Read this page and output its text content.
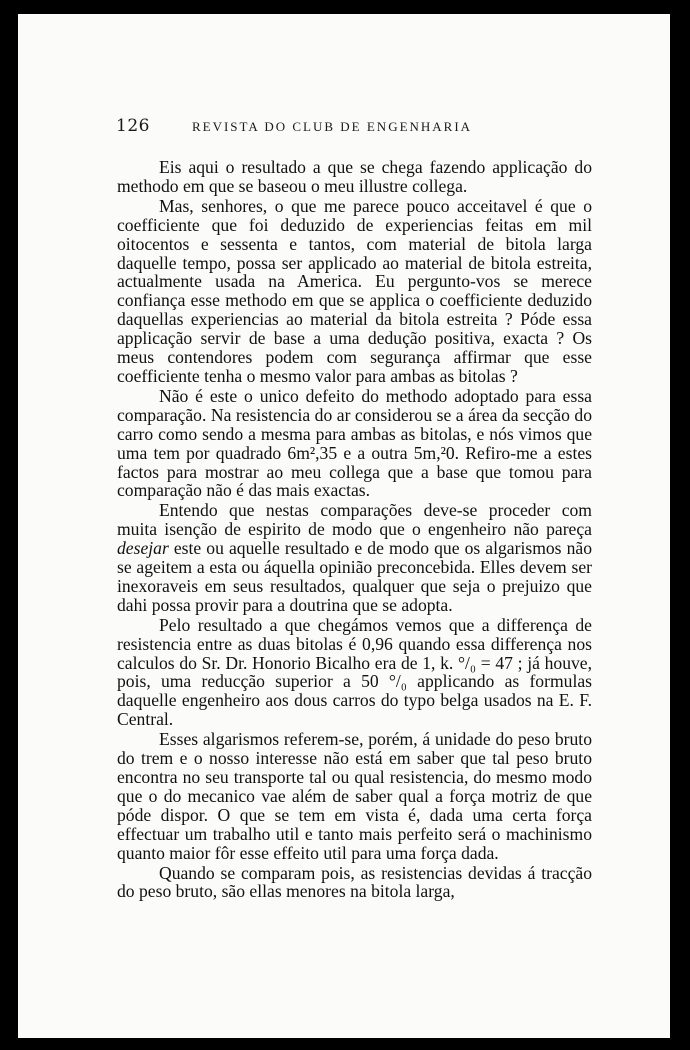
126	REVISTA DO CLUB DE ENGENHARIA

Eis aqui o resultado a que se chega fazendo applicação do methodo em que se baseou o meu illustre collega.

Mas, senhores, o que me parece pouco acceitavel é que o coefficiente que foi deduzido de experiencias feitas em mil oitocentos e sessenta e tantos, com material de bitola larga daquelle tempo, possa ser applicado ao material de bitola estreita, actualmente usada na America. Eu pergunto-vos se merece confiança esse methodo em que se applica o coefficiente deduzido daquellas experiencias ao material da bitola estreita ? Póde essa applicação servir de base a uma dedução positiva, exacta ? Os meus contendores podem com segurança affirmar que esse coefficiente tenha o mesmo valor para ambas as bitolas ?

Não é este o unico defeito do methodo adoptado para essa comparação. Na resistencia do ar considerou se a área da secção do carro como sendo a mesma para ambas as bitolas, e nós vimos que uma tem por quadrado 6m²,35 e a outra 5m,²0. Refiro-me a estes factos para mostrar ao meu collega que a base que tomou para comparação não é das mais exactas.

Entendo que nestas comparações deve-se proceder com muita isenção de espirito de modo que o engenheiro não pareça desejar este ou aquelle resultado e de modo que os algarismos não se ageitem a esta ou áquella opinião preconcebida. Elles devem ser inexoraveis em seus resultados, qualquer que seja o prejuizo que dahi possa provir para a doutrina que se adopta.

Pelo resultado a que chegámos vemos que a differença de resistencia entre as duas bitolas é 0,96 quando essa differença nos calculos do Sr. Dr. Honorio Bicalho era de 1, k. °/₀ = 47 ; já houve, pois, uma reducção superior a 50 °/₀ applicando as formulas daquelle engenheiro aos dous carros do typo belga usados na E. F. Central.

Esses algarismos referem-se, porém, á unidade do peso bruto do trem e o nosso interesse não está em saber que tal peso bruto encontra no seu transporte tal ou qual resistencia, do mesmo modo que o do mecanico vae além de saber qual a força motriz de que póde dispor. O que se tem em vista é, dada uma certa força effectuar um trabalho util e tanto mais perfeito será o machinismo quanto maior fôr esse effeito util para uma força dada.

Quando se comparam pois, as resistencias devidas á tracção do peso bruto, são ellas menores na bitola larga,
